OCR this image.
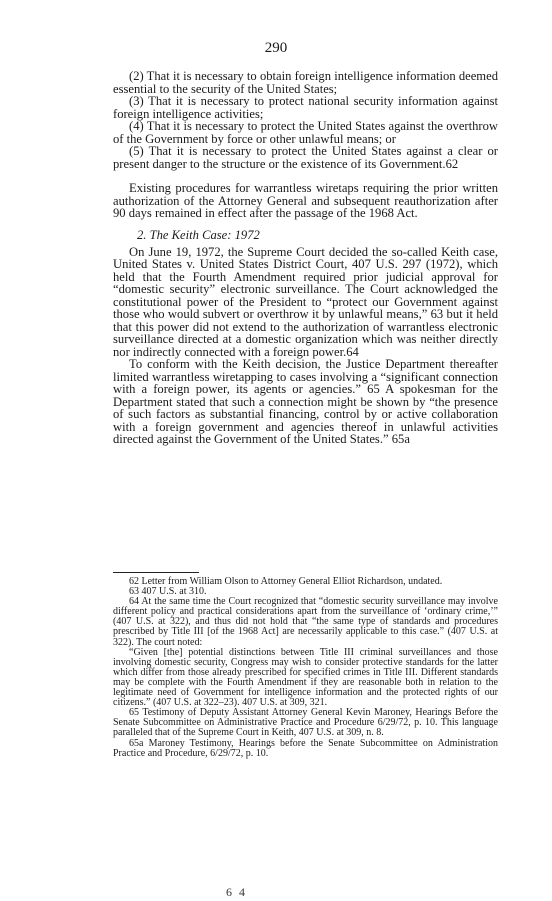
290

(2) That it is necessary to obtain foreign intelligence information deemed essential to the security of the United States;

(3) That it is necessary to protect national security information against foreign intelligence activities;

(4) That it is necessary to protect the United States against the overthrow of the Government by force or other unlawful means; or

(5) That it is necessary to protect the United States against a clear or present danger to the structure or the existence of its Government.62

Existing procedures for warrantless wiretaps requiring the prior written authorization of the Attorney General and subsequent reauthorization after 90 days remained in effect after the passage of the 1968 Act.

2. The Keith Case: 1972

On June 19, 1972, the Supreme Court decided the so-called Keith case, United States v. United States District Court, 407 U.S. 297 (1972), which held that the Fourth Amendment required prior judicial approval for “domestic security” electronic surveillance. The Court acknowledged the constitutional power of the President to “protect our Government against those who would subvert or overthrow it by unlawful means,” 63 but it held that this power did not extend to the authorization of warrantless electronic surveillance directed at a domestic organization which was neither directly nor indirectly connected with a foreign power.64

To conform with the Keith decision, the Justice Department thereafter limited warrantless wiretapping to cases involving a “significant connection with a foreign power, its agents or agencies.” 65 A spokesman for the Department stated that such a connection might be shown by “the presence of such factors as substantial financing, control by or active collaboration with a foreign government and agencies thereof in unlawful activities directed against the Government of the United States.” 65a

62 Letter from William Olson to Attorney General Elliot Richardson, undated.

63 407 U.S. at 310.

64 At the same time the Court recognized that “domestic security surveillance may involve different policy and practical considerations apart from the surveillance of ‘ordinary crime,’” (407 U.S. at 322), and thus did not hold that “the same type of standards and procedures prescribed by Title III [of the 1968 Act] are necessarily applicable to this case.” (407 U.S. at 322). The court noted:

“Given [the] potential distinctions between Title III criminal surveillances and those involving domestic security, Congress may wish to consider protective standards for the latter which differ from those already prescribed for specified crimes in Title III. Different standards may be complete with the Fourth Amendment if they are reasonable both in relation to the legitimate need of Government for intelligence information and the protected rights of our citizens.” (407 U.S. at 322–23). 407 U.S. at 309, 321.

65 Testimony of Deputy Assistant Attorney General Kevin Maroney, Hearings Before the Senate Subcommittee on Administrative Practice and Procedure 6/29/72, p. 10. This language paralleled that of the Supreme Court in Keith, 407 U.S. at 309, n. 8.

65a Maroney Testimony, Hearings before the Senate Subcommittee on Administration Practice and Procedure, 6/29/72, p. 10.

6 4
